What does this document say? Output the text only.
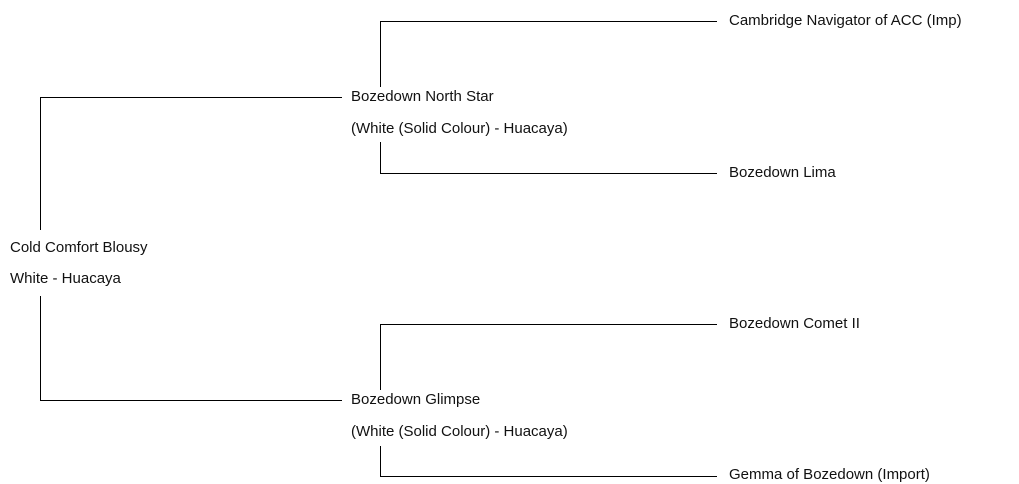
Cold Comfort Blousy
White - Huacaya
Bozedown North Star
(White (Solid Colour) - Huacaya)
Bozedown Glimpse
(White (Solid Colour) - Huacaya)
Cambridge Navigator of ACC (Imp)
Bozedown Lima
Bozedown Comet II
Gemma of Bozedown (Import)
